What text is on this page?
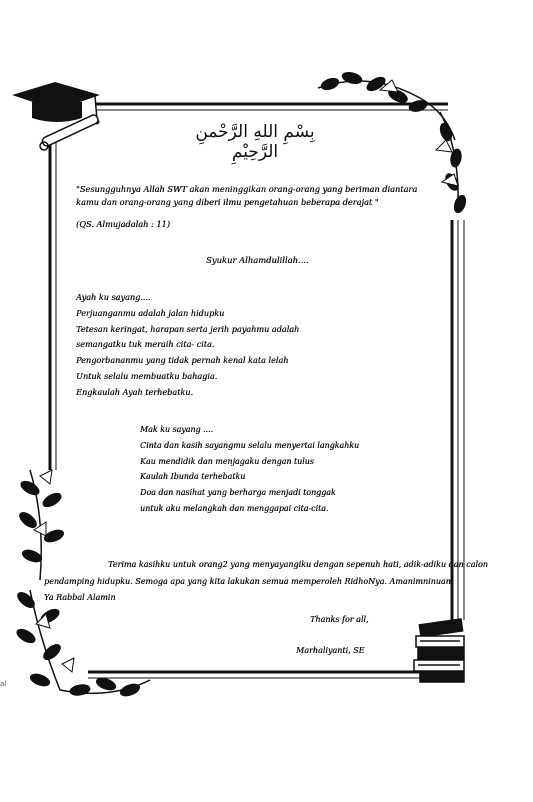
بِسْمِ اللهِ الرَّحْمنِ الرَّحِيْمِ
"Sesungguhnya Allah SWT akan meninggikan orang-orang yang beriman diantara
kamu dan orang-orang yang diberi ilmu pengetahuan beberapa derajat "
(QS. Almujadalah : 11)
Syukur Alhamdulillah....
Ayah ku sayang....
Perjuanganmu adalah jalan hidupku
Tetesan keringat, harapan serta jerih payahmu adalah
semangatku tuk meraih cita- cita.
Pengorbananmu yang tidak pernah kenal kata lelah
Untuk selalu membuatku bahagia.
Engkaulah Ayah terhebatku.
Mak ku sayang ....
Cinta dan kasih sayangmu selalu menyertai langkahku
Kau mendidik dan menjagaku dengan tulus
Kaulah Ibunda terhebatku
Doa dan nasihat yang berharga menjadi tonggak
untuk aku melangkah dan menggapai cita-cita.
Terima kasihku untuk orang2 yang menyayangiku dengan sepenuh hati, adik-adiku dan calon
pendamping hidupku. Semoga apa yang kita lakukan semua memperoleh RidhoNya. Amanimninuan
Ya Rabbal Alamin
Thanks for all,
Marhaliyanti, SE
al
